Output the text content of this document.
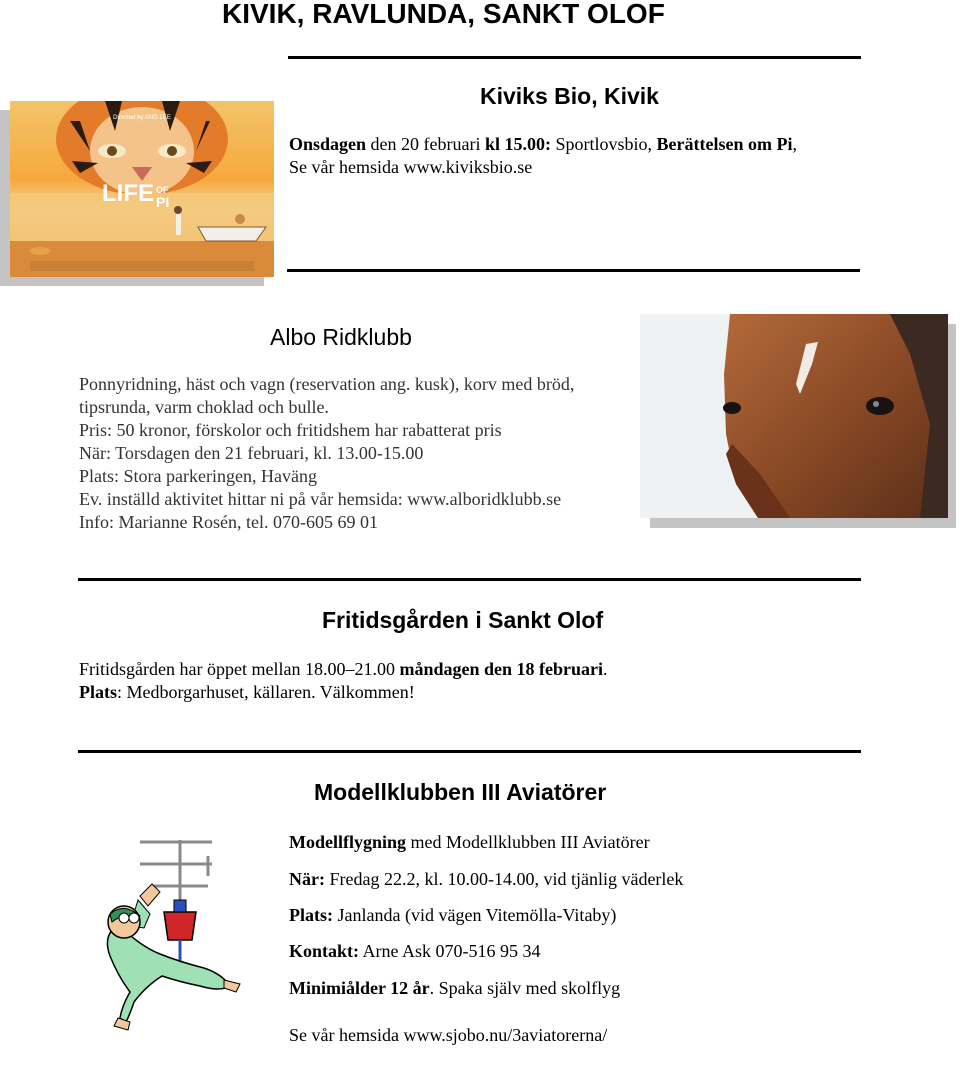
KIVIK, RAVLUNDA, SANKT OLOF
Kiviks Bio, Kivik
Directed by ANG LEE
LIFE OF
PI
Onsdagen den 20 februari kl 15.00: Sportlovsbio, Berättelsen om Pi,
Se vår hemsida www.kiviksbio.se
Albo Ridklubb
Ponnyridning, häst och vagn (reservation ang. kusk), korv med bröd,
tipsrunda, varm choklad och bulle.
Pris: 50 kronor, förskolor och fritidshem har rabatterat pris
När: Torsdagen den 21 februari, kl. 13.00-15.00
Plats: Stora parkeringen, Haväng
Ev. inställd aktivitet hittar ni på vår hemsida: www.alboridklubb.se
Info: Marianne Rosén, tel. 070-605 69 01
Fritidsgården i Sankt Olof
Fritidsgården har öppet mellan 18.00–21.00 måndagen den 18 februari.
Plats: Medborgarhuset, källaren. Välkommen!
Modellklubben III Aviatörer
Modellflygning med Modellklubben III Aviatörer
När: Fredag 22.2, kl. 10.00-14.00, vid tjänlig väderlek
Plats: Janlanda (vid vägen Vitemölla-Vitaby)
Kontakt: Arne Ask 070-516 95 34
Minimiålder 12 år. Spaka själv med skolflyg
Se vår hemsida www.sjobo.nu/3aviatorerna/
